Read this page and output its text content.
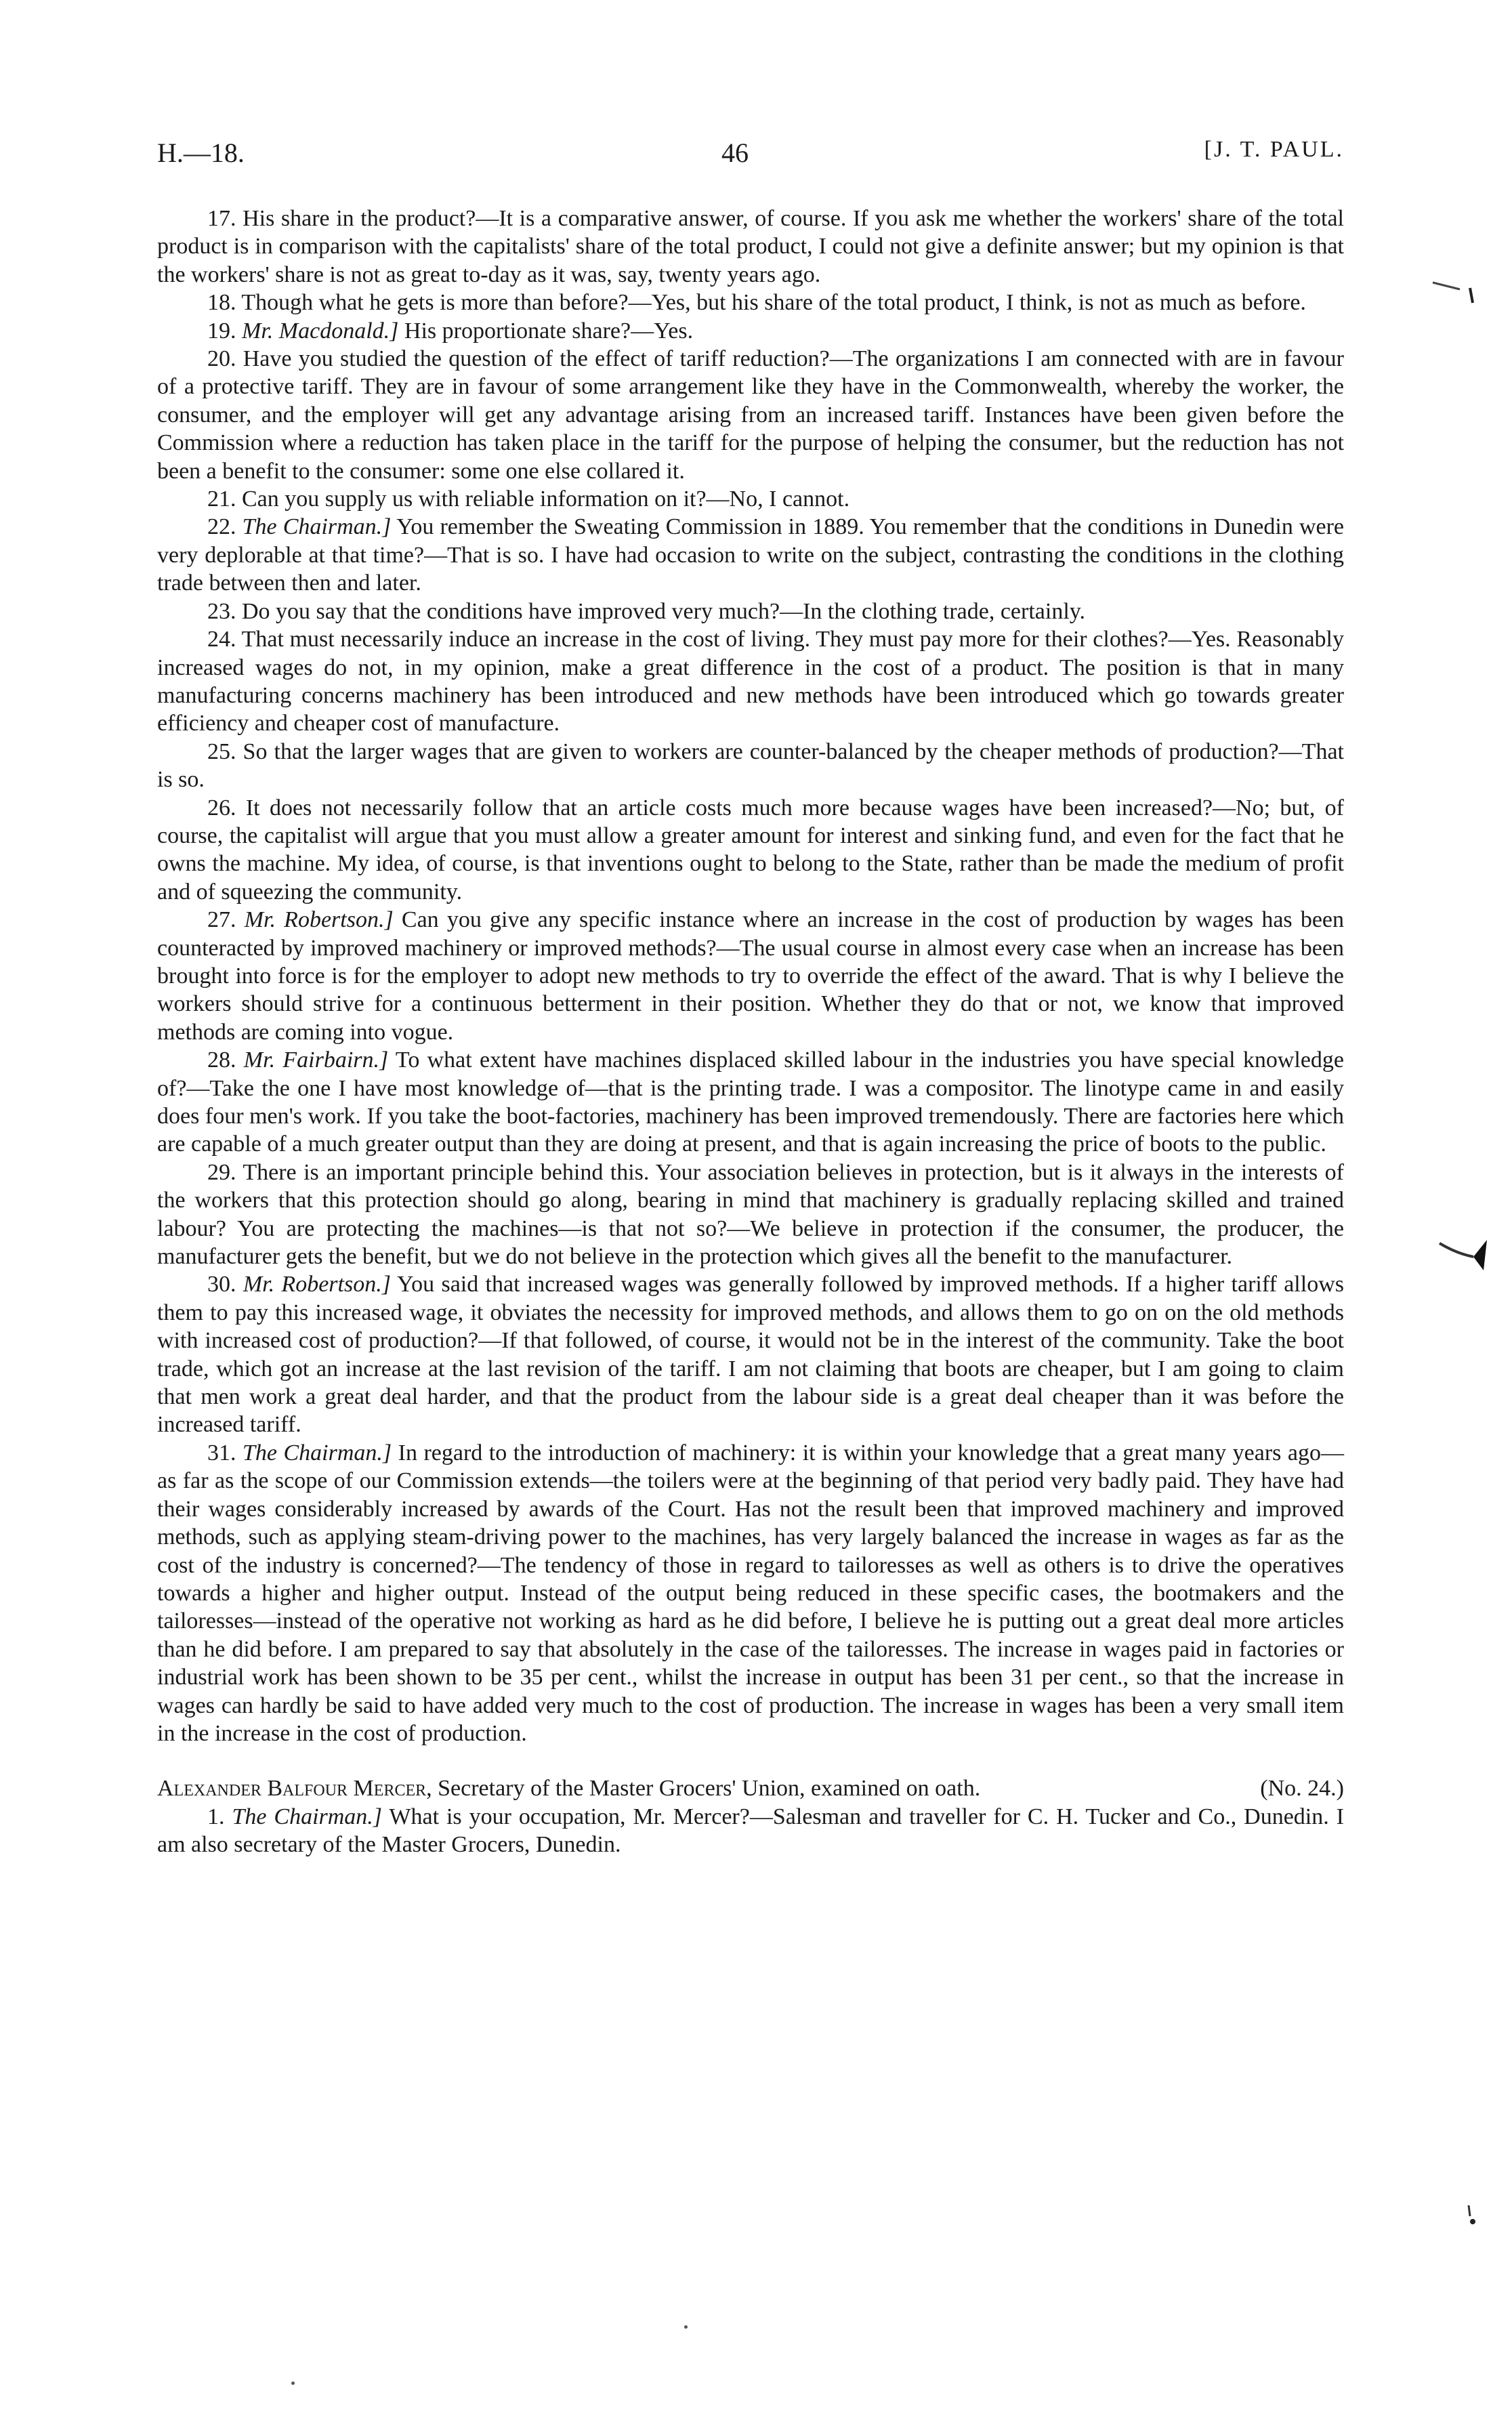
H.—18.	46	[J. T. PAUL.

17. His share in the product?—It is a comparative answer, of course. If you ask me whether the workers' share of the total product is in comparison with the capitalists' share of the total product, I could not give a definite answer; but my opinion is that the workers' share is not as great to-day as it was, say, twenty years ago.

18. Though what he gets is more than before?—Yes, but his share of the total product, I think, is not as much as before.

19. Mr. Macdonald.] His proportionate share?—Yes.

20. Have you studied the question of the effect of tariff reduction?—The organizations I am connected with are in favour of a protective tariff. They are in favour of some arrangement like they have in the Commonwealth, whereby the worker, the consumer, and the employer will get any advantage arising from an increased tariff. Instances have been given before the Commission where a reduction has taken place in the tariff for the purpose of helping the consumer, but the reduction has not been a benefit to the consumer: some one else collared it.

21. Can you supply us with reliable information on it?—No, I cannot.

22. The Chairman.] You remember the Sweating Commission in 1889. You remember that the conditions in Dunedin were very deplorable at that time?—That is so. I have had occasion to write on the subject, contrasting the conditions in the clothing trade between then and later.

23. Do you say that the conditions have improved very much?—In the clothing trade, certainly.

24. That must necessarily induce an increase in the cost of living. They must pay more for their clothes?—Yes. Reasonably increased wages do not, in my opinion, make a great difference in the cost of a product. The position is that in many manufacturing concerns machinery has been introduced and new methods have been introduced which go towards greater efficiency and cheaper cost of manufacture.

25. So that the larger wages that are given to workers are counter-balanced by the cheaper methods of production?—That is so.

26. It does not necessarily follow that an article costs much more because wages have been increased?—No; but, of course, the capitalist will argue that you must allow a greater amount for interest and sinking fund, and even for the fact that he owns the machine. My idea, of course, is that inventions ought to belong to the State, rather than be made the medium of profit and of squeezing the community.

27. Mr. Robertson.] Can you give any specific instance where an increase in the cost of production by wages has been counteracted by improved machinery or improved methods?—The usual course in almost every case when an increase has been brought into force is for the employer to adopt new methods to try to override the effect of the award. That is why I believe the workers should strive for a continuous betterment in their position. Whether they do that or not, we know that improved methods are coming into vogue.

28. Mr. Fairbairn.] To what extent have machines displaced skilled labour in the industries you have special knowledge of?—Take the one I have most knowledge of—that is the printing trade. I was a compositor. The linotype came in and easily does four men's work. If you take the boot-factories, machinery has been improved tremendously. There are factories here which are capable of a much greater output than they are doing at present, and that is again increasing the price of boots to the public.

29. There is an important principle behind this. Your association believes in protection, but is it always in the interests of the workers that this protection should go along, bearing in mind that machinery is gradually replacing skilled and trained labour? You are protecting the machines—is that not so?—We believe in protection if the consumer, the producer, the manufacturer gets the benefit, but we do not believe in the protection which gives all the benefit to the manufacturer.

30. Mr. Robertson.] You said that increased wages was generally followed by improved methods. If a higher tariff allows them to pay this increased wage, it obviates the necessity for improved methods, and allows them to go on on the old methods with increased cost of production?—If that followed, of course, it would not be in the interest of the community. Take the boot trade, which got an increase at the last revision of the tariff. I am not claiming that boots are cheaper, but I am going to claim that men work a great deal harder, and that the product from the labour side is a great deal cheaper than it was before the increased tariff.

31. The Chairman.] In regard to the introduction of machinery: it is within your knowledge that a great many years ago—as far as the scope of our Commission extends—the toilers were at the beginning of that period very badly paid. They have had their wages considerably increased by awards of the Court. Has not the result been that improved machinery and improved methods, such as applying steam-driving power to the machines, has very largely balanced the increase in wages as far as the cost of the industry is concerned?—The tendency of those in regard to tailoresses as well as others is to drive the operatives towards a higher and higher output. Instead of the output being reduced in these specific cases, the bootmakers and the tailoresses—instead of the operative not working as hard as he did before, I believe he is putting out a great deal more articles than he did before. I am prepared to say that absolutely in the case of the tailoresses. The increase in wages paid in factories or industrial work has been shown to be 35 per cent., whilst the increase in output has been 31 per cent., so that the increase in wages can hardly be said to have added very much to the cost of production. The increase in wages has been a very small item in the increase in the cost of production.

Alexander Balfour Mercer, Secretary of the Master Grocers' Union, examined on oath.	(No. 24.)

1. The Chairman.] What is your occupation, Mr. Mercer?—Salesman and traveller for C. H. Tucker and Co., Dunedin. I am also secretary of the Master Grocers, Dunedin.
